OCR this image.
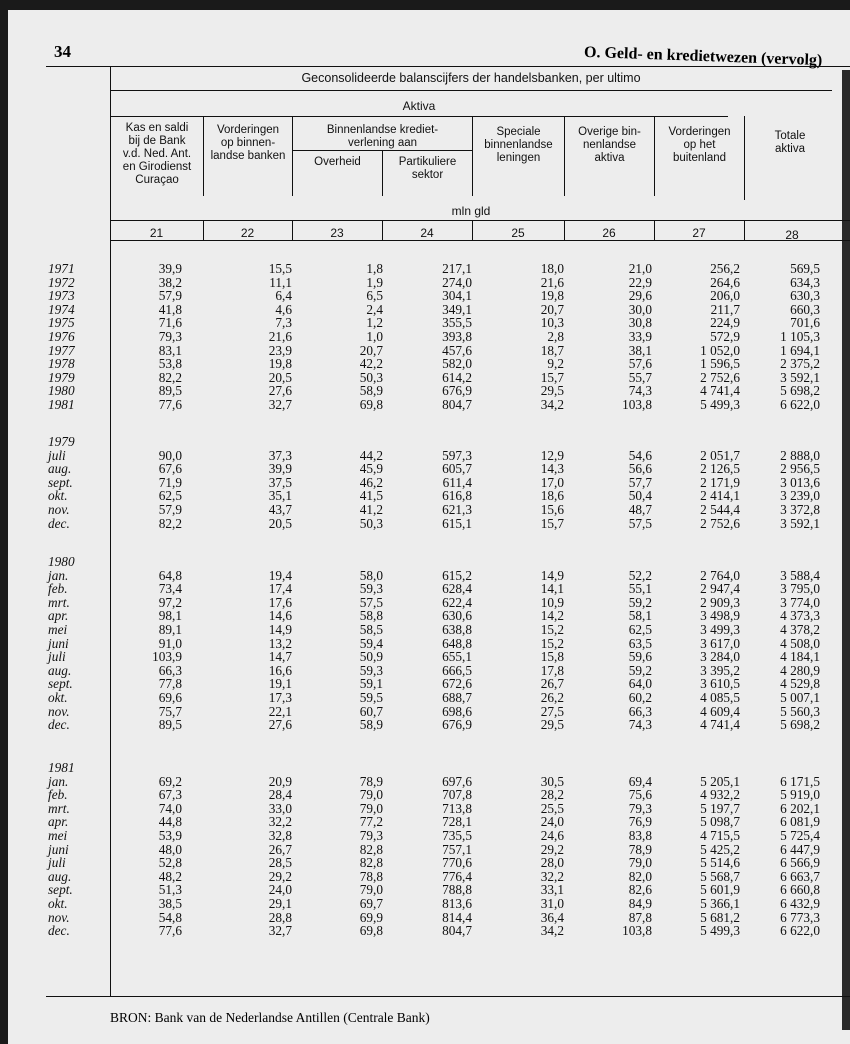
34	O. Geld- en kredietwezen (vervolg)
Geconsolideerde balanscijfers der handelsbanken, per ultimo
Aktiva
Kas en saldi
bij de Bank
v.d. Ned. Ant.
en Girodienst
Curaçao
Vorderingen
op binnen-
landse banken
Binnenlandse krediet-
verlening aan
Overheid	Partikuliere
sektor
Speciale
binnenlandse
leningen
Overige bin-
nenlandse
aktiva
Vorderingen
op het
buitenland
Totale
aktiva
mln gld
21	22	23	24	25	26	27	28
1971	39,9	15,5	1,8	217,1	18,0	21,0	256,2	569,5
1972	38,2	11,1	1,9	274,0	21,6	22,9	264,6	634,3
1973	57,9	6,4	6,5	304,1	19,8	29,6	206,0	630,3
1974	41,8	4,6	2,4	349,1	20,7	30,0	211,7	660,3
1975	71,6	7,3	1,2	355,5	10,3	30,8	224,9	701,6
1976	79,3	21,6	1,0	393,8	2,8	33,9	572,9	1 105,3
1977	83,1	23,9	20,7	457,6	18,7	38,1	1 052,0	1 694,1
1978	53,8	19,8	42,2	582,0	9,2	57,6	1 596,5	2 375,2
1979	82,2	20,5	50,3	614,2	15,7	55,7	2 752,6	3 592,1
1980	89,5	27,6	58,9	676,9	29,5	74,3	4 741,4	5 698,2
1981	77,6	32,7	69,8	804,7	34,2	103,8	5 499,3	6 622,0
1979
juli	90,0	37,3	44,2	597,3	12,9	54,6	2 051,7	2 888,0
aug.	67,6	39,9	45,9	605,7	14,3	56,6	2 126,5	2 956,5
sept.	71,9	37,5	46,2	611,4	17,0	57,7	2 171,9	3 013,6
okt.	62,5	35,1	41,5	616,8	18,6	50,4	2 414,1	3 239,0
nov.	57,9	43,7	41,2	621,3	15,6	48,7	2 544,4	3 372,8
dec.	82,2	20,5	50,3	615,1	15,7	57,5	2 752,6	3 592,1
1980
jan.	64,8	19,4	58,0	615,2	14,9	52,2	2 764,0	3 588,4
feb.	73,4	17,4	59,3	628,4	14,1	55,1	2 947,4	3 795,0
mrt.	97,2	17,6	57,5	622,4	10,9	59,2	2 909,3	3 774,0
apr.	98,1	14,6	58,8	630,6	14,2	58,1	3 498,9	4 373,3
mei	89,1	14,9	58,5	638,8	15,2	62,5	3 499,3	4 378,2
juni	91,0	13,2	59,4	648,8	15,2	63,5	3 617,0	4 508,0
juli	103,9	14,7	50,9	655,1	15,8	59,6	3 284,0	4 184,1
aug.	66,3	16,6	59,3	666,5	17,8	59,2	3 395,2	4 280,9
sept.	77,8	19,1	59,1	672,6	26,7	64,0	3 610,5	4 529,8
okt.	69,6	17,3	59,5	688,7	26,2	60,2	4 085,5	5 007,1
nov.	75,7	22,1	60,7	698,6	27,5	66,3	4 609,4	5 560,3
dec.	89,5	27,6	58,9	676,9	29,5	74,3	4 741,4	5 698,2
1981
jan.	69,2	20,9	78,9	697,6	30,5	69,4	5 205,1	6 171,5
feb.	67,3	28,4	79,0	707,8	28,2	75,6	4 932,2	5 919,0
mrt.	74,0	33,0	79,0	713,8	25,5	79,3	5 197,7	6 202,1
apr.	44,8	32,2	77,2	728,1	24,0	76,9	5 098,7	6 081,9
mei	53,9	32,8	79,3	735,5	24,6	83,8	4 715,5	5 725,4
juni	48,0	26,7	82,8	757,1	29,2	78,9	5 425,2	6 447,9
juli	52,8	28,5	82,8	770,6	28,0	79,0	5 514,6	6 566,9
aug.	48,2	29,2	78,8	776,4	32,2	82,0	5 568,7	6 663,7
sept.	51,3	24,0	79,0	788,8	33,1	82,6	5 601,9	6 660,8
okt.	38,5	29,1	69,7	813,6	31,0	84,9	5 366,1	6 432,9
nov.	54,8	28,8	69,9	814,4	36,4	87,8	5 681,2	6 773,3
dec.	77,6	32,7	69,8	804,7	34,2	103,8	5 499,3	6 622,0
BRON: Bank van de Nederlandse Antillen (Centrale Bank)
